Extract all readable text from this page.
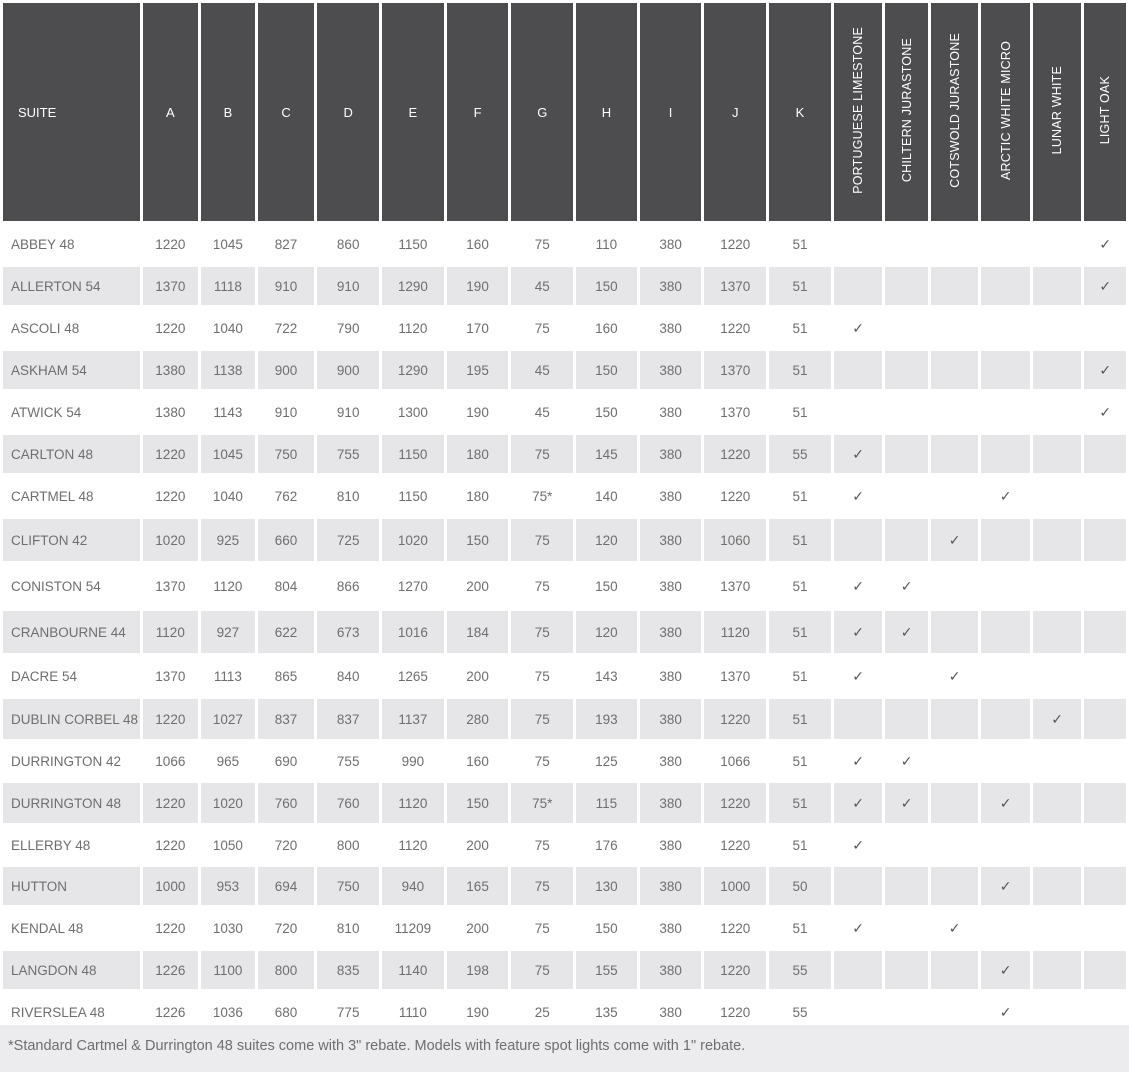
SUITE	A	B	C	D	E	F	G	H	I	J	K	PORTUGUESE LIMESTONE	CHILTERN JURASTONE	COTSWOLD JURASTONE	ARCTIC WHITE MICRO	LUNAR WHITE	LIGHT OAK
ABBEY 48	1220	1045	827	860	1150	160	75	110	380	1220	51						✓
ALLERTON 54	1370	1118	910	910	1290	190	45	150	380	1370	51						✓
ASCOLI 48	1220	1040	722	790	1120	170	75	160	380	1220	51	✓					
ASKHAM 54	1380	1138	900	900	1290	195	45	150	380	1370	51						✓
ATWICK 54	1380	1143	910	910	1300	190	45	150	380	1370	51						✓
CARLTON 48	1220	1045	750	755	1150	180	75	145	380	1220	55	✓					
CARTMEL 48	1220	1040	762	810	1150	180	75*	140	380	1220	51	✓			✓		
CLIFTON 42	1020	925	660	725	1020	150	75	120	380	1060	51			✓			
CONISTON 54	1370	1120	804	866	1270	200	75	150	380	1370	51	✓	✓				
CRANBOURNE 44	1120	927	622	673	1016	184	75	120	380	1120	51	✓	✓				
DACRE 54	1370	1113	865	840	1265	200	75	143	380	1370	51	✓		✓			
DUBLIN CORBEL 48	1220	1027	837	837	1137	280	75	193	380	1220	51					✓	
DURRINGTON 42	1066	965	690	755	990	160	75	125	380	1066	51	✓	✓				
DURRINGTON 48	1220	1020	760	760	1120	150	75*	115	380	1220	51	✓	✓		✓		
ELLERBY 48	1220	1050	720	800	1120	200	75	176	380	1220	51	✓					
HUTTON	1000	953	694	750	940	165	75	130	380	1000	50				✓		
KENDAL 48	1220	1030	720	810	11209	200	75	150	380	1220	51	✓		✓			
LANGDON 48	1226	1100	800	835	1140	198	75	155	380	1220	55				✓		
RIVERSLEA 48	1226	1036	680	775	1110	190	25	135	380	1220	55				✓		
*Standard Cartmel & Durrington 48 suites come with 3" rebate. Models with feature spot lights come with 1" rebate.
